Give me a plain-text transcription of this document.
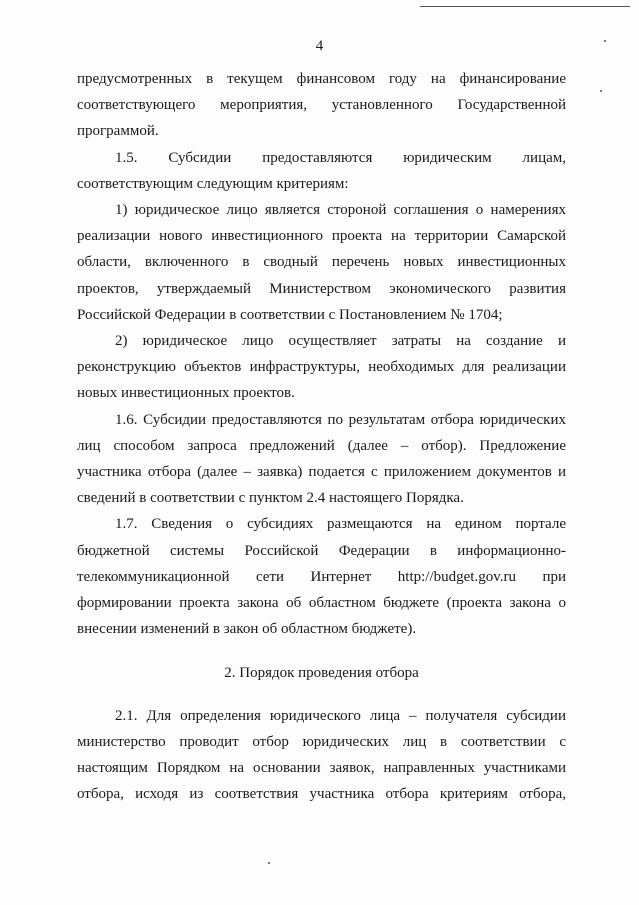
4

предусмотренных в текущем финансовом году на финансирование соответствующего мероприятия, установленного Государственной программой.

1.5. Субсидии предоставляются юридическим лицам, соответствующим следующим критериям:

1) юридическое лицо является стороной соглашения о намерениях реализации нового инвестиционного проекта на территории Самарской области, включенного в сводный перечень новых инвестиционных проектов, утверждаемый Министерством экономического развития Российской Федерации в соответствии с Постановлением № 1704;

2) юридическое лицо осуществляет затраты на создание и реконструкцию объектов инфраструктуры, необходимых для реализации новых инвестиционных проектов.

1.6. Субсидии предоставляются по результатам отбора юридических лиц способом запроса предложений (далее – отбор). Предложение участника отбора (далее – заявка) подается с приложением документов и сведений в соответствии с пунктом 2.4 настоящего Порядка.

1.7. Сведения о субсидиях размещаются на едином портале бюджетной системы Российской Федерации в информационно-телекоммуникационной сети Интернет http://budget.gov.ru при формировании проекта закона об областном бюджете (проекта закона о внесении изменений в закон об областном бюджете).

2. Порядок проведения отбора

2.1. Для определения юридического лица – получателя субсидии министерство проводит отбор юридических лиц в соответствии с настоящим Порядком на основании заявок, направленных участниками отбора, исходя из соответствия участника отбора критериям отбора,
